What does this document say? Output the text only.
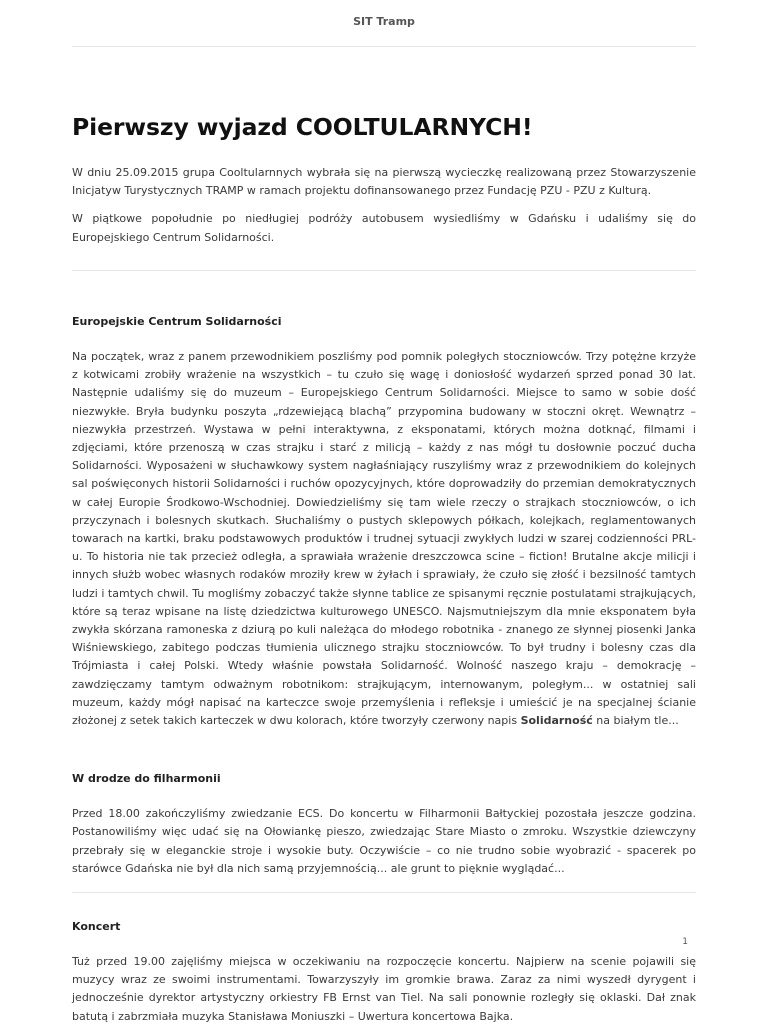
SIT Tramp
Pierwszy wyjazd COOLTULARNYCH!

W dniu 25.09.2015 grupa Cooltularnnych wybrała się na pierwszą wycieczkę realizowaną przez Stowarzyszenie Inicjatyw Turystycznych TRAMP w ramach projektu dofinansowanego przez Fundację PZU - PZU z Kulturą.

W piątkowe popołudnie po niedługiej podróży autobusem wysiedliśmy w Gdańsku i udaliśmy się do Europejskiego Centrum Solidarności.

Europejskie Centrum Solidarności

Na początek, wraz z panem przewodnikiem poszliśmy pod pomnik poległych stoczniowców. Trzy potężne krzyże z kotwicami zrobiły wrażenie na wszystkich – tu czuło się wagę i doniosłość wydarzeń sprzed ponad 30 lat. Następnie udaliśmy się do muzeum – Europejskiego Centrum Solidarności. Miejsce to samo w sobie dość niezwykłe. Bryła budynku poszyta „rdzewiejącą blachą” przypomina budowany w stoczni okręt. Wewnątrz – niezwykła przestrzeń. Wystawa w pełni interaktywna, z eksponatami, których można dotknąć, filmami i zdjęciami, które przenoszą w czas strajku i starć z milicją – każdy z nas mógł tu dosłownie poczuć ducha Solidarności. Wyposażeni w słuchawkowy system nagłaśniający ruszyliśmy wraz z przewodnikiem do kolejnych sal poświęconych historii Solidarności i ruchów opozycyjnych, które doprowadziły do przemian demokratycznych w całej Europie Środkowo-Wschodniej. Dowiedzieliśmy się tam wiele rzeczy o strajkach stoczniowców, o ich przyczynach i bolesnych skutkach. Słuchaliśmy o pustych sklepowych półkach, kolejkach, reglamentowanych towarach na kartki, braku podstawowych produktów i trudnej sytuacji zwykłych ludzi w szarej codzienności PRL-u. To historia nie tak przecież odległa, a sprawiała wrażenie dreszczowca scine – fiction! Brutalne akcje milicji i innych służb wobec własnych rodaków mroziły krew w żyłach i sprawiały, że czuło się złość i bezsilność tamtych ludzi i tamtych chwil. Tu mogliśmy zobaczyć także słynne tablice ze spisanymi ręcznie postulatami strajkujących, które są teraz wpisane na listę dziedzictwa kulturowego UNESCO. Najsmutniejszym dla mnie eksponatem była zwykła skórzana ramoneska z dziurą po kuli należąca do młodego robotnika - znanego ze słynnej piosenki Janka Wiśniewskiego, zabitego podczas tłumienia ulicznego strajku stoczniowców. To był trudny i bolesny czas dla Trójmiasta i całej Polski. Wtedy właśnie powstała Solidarność. Wolność naszego kraju – demokrację – zawdzięczamy tamtym odważnym robotnikom: strajkującym, internowanym, poległym... w ostatniej sali muzeum, każdy mógł napisać na karteczce swoje przemyślenia i refleksje i umieścić je na specjalnej ścianie złożonej z setek takich karteczek w dwu kolorach, które tworzyły czerwony napis Solidarność na białym tle...

W drodze do filharmonii

Przed 18.00 zakończyliśmy zwiedzanie ECS. Do koncertu w Filharmonii Bałtyckiej pozostała jeszcze godzina. Postanowiliśmy więc udać się na Ołowiankę pieszo, zwiedzając Stare Miasto o zmroku. Wszystkie dziewczyny przebrały się w eleganckie stroje i wysokie buty. Oczywiście – co nie trudno sobie wyobrazić - spacerek po starówce Gdańska nie był dla nich samą przyjemnością... ale grunt to pięknie wyglądać...

Koncert

Tuż przed 19.00 zajęliśmy miejsca w oczekiwaniu na rozpoczęcie koncertu. Najpierw na scenie pojawili się muzycy wraz ze swoimi instrumentami. Towarzyszyły im gromkie brawa. Zaraz za nimi wyszedł dyrygent i jednocześnie dyrektor artystyczny orkiestry FB Ernst van Tiel. Na sali ponownie rozległy się oklaski. Dał znak batutą i zabrzmiała muzyka Stanisława Moniuszki – Uwertura koncertowa Bajka.

1
